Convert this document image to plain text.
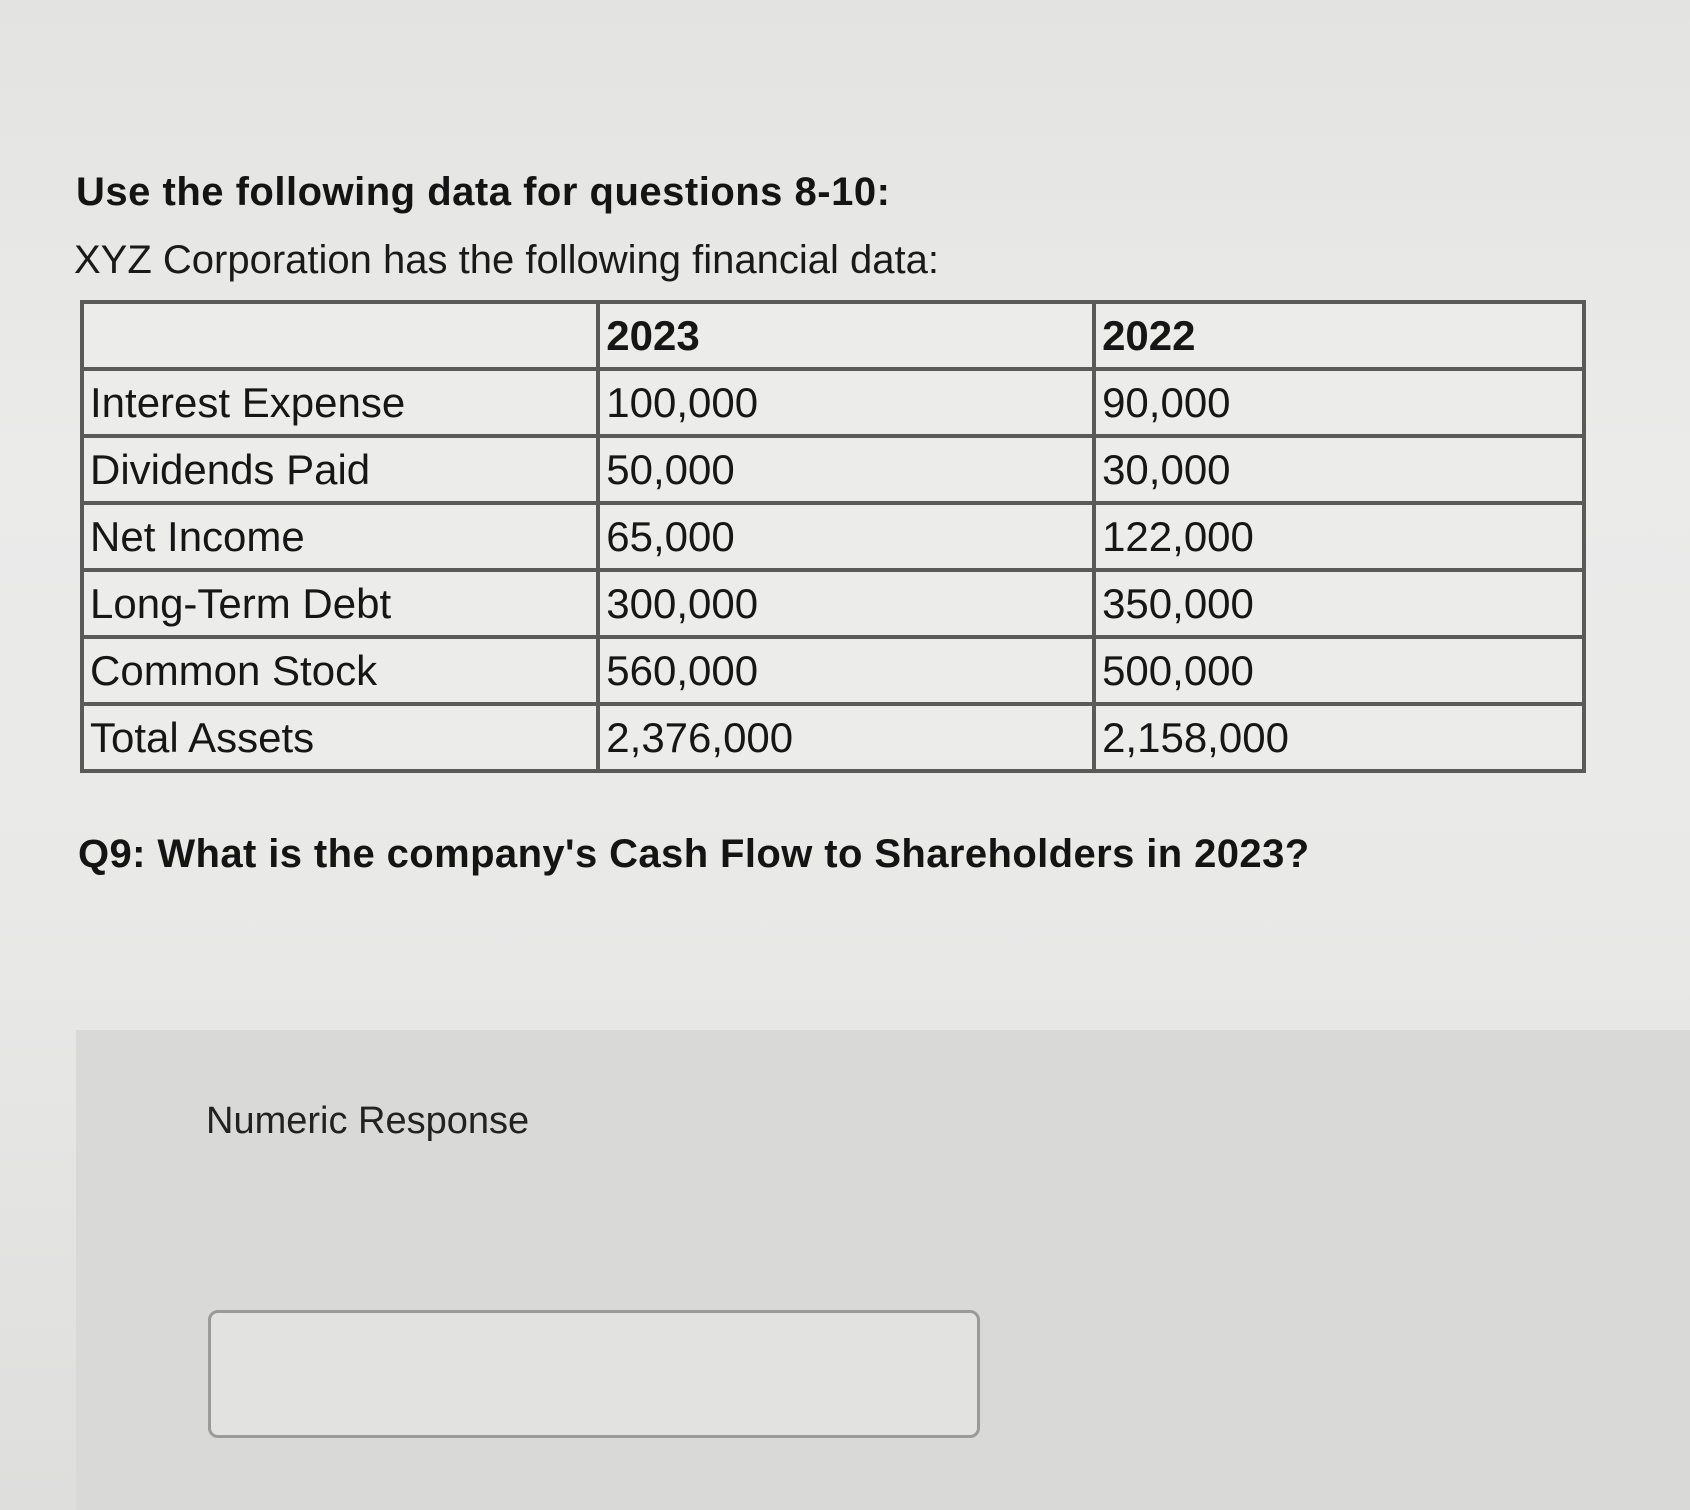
Use the following data for questions 8-10:
XYZ Corporation has the following financial data:
	2023	2022
Interest Expense	100,000	90,000
Dividends Paid	50,000	30,000
Net Income	65,000	122,000
Long-Term Debt	300,000	350,000
Common Stock	560,000	500,000
Total Assets	2,376,000	2,158,000
Q9: What is the company's Cash Flow to Shareholders in 2023?
Numeric Response
